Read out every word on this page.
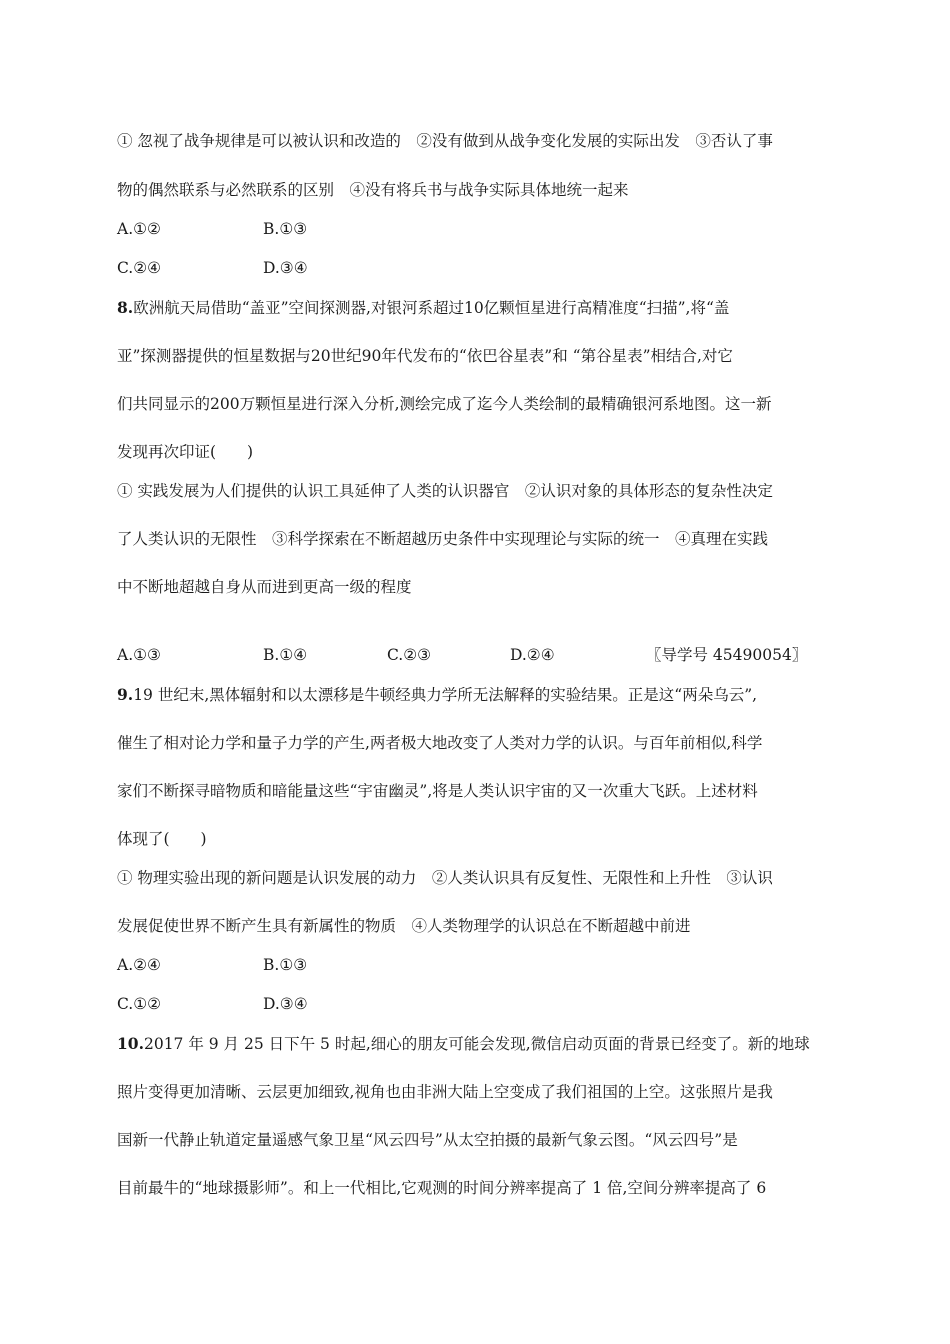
① 忽视了战争规律是可以被认识和改造的　②没有做到从战争变化发展的实际出发　③否认了事
物的偶然联系与必然联系的区别　④没有将兵书与战争实际具体地统一起来
A.①②	B.①③
C.②④	D.③④
8.欧洲航天局借助“盖亚”空间探测器,对银河系超过10亿颗恒星进行高精准度“扫描”,将“盖
亚”探测器提供的恒星数据与20世纪90年代发布的“依巴谷星表”和 “第谷星表”相结合,对它
们共同显示的200万颗恒星进行深入分析,测绘完成了迄今人类绘制的最精确银河系地图。这一新
发现再次印证(　　)
① 实践发展为人们提供的认识工具延伸了人类的认识器官　②认识对象的具体形态的复杂性决定
了人类认识的无限性　③科学探索在不断超越历史条件中实现理论与实际的统一　④真理在实践
中不断地超越自身从而进到更高一级的程度
A.①③	B.①④	C.②③	D.②④	〖导学号 45490054〗
9.19 世纪末,黑体辐射和以太漂移是牛顿经典力学所无法解释的实验结果。正是这“两朵乌云”,
催生了相对论力学和量子力学的产生,两者极大地改变了人类对力学的认识。与百年前相似,科学
家们不断探寻暗物质和暗能量这些“宇宙幽灵”,将是人类认识宇宙的又一次重大飞跃。上述材料
体现了(　　)
① 物理实验出现的新问题是认识发展的动力　②人类认识具有反复性、无限性和上升性　③认识
发展促使世界不断产生具有新属性的物质　④人类物理学的认识总在不断超越中前进
A.②④	B.①③
C.①②	D.③④
10.2017 年 9 月 25 日下午 5 时起,细心的朋友可能会发现,微信启动页面的背景已经变了。新的地球
照片变得更加清晰、云层更加细致,视角也由非洲大陆上空变成了我们祖国的上空。这张照片是我
国新一代静止轨道定量遥感气象卫星“风云四号”从太空拍摄的最新气象云图。“风云四号”是
目前最牛的“地球摄影师”。和上一代相比,它观测的时间分辨率提高了 1 倍,空间分辨率提高了 6
